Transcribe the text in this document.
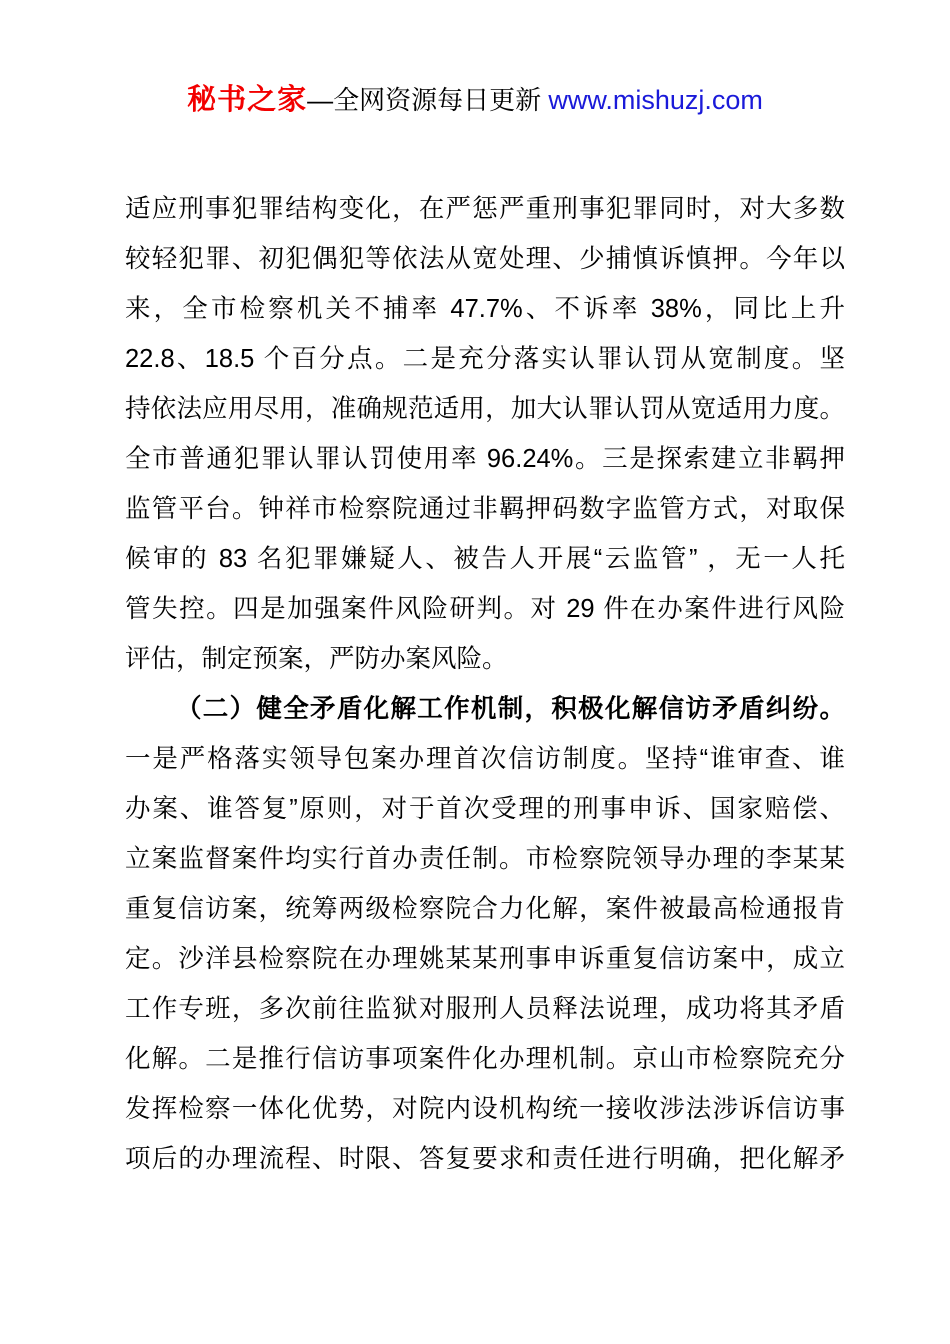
秘书之家—全网资源每日更新 www.mishuzj.com
适应刑事犯罪结构变化，在严惩严重刑事犯罪同时，对大多数
较轻犯罪、初犯偶犯等依法从宽处理、少捕慎诉慎押。今年以
来，全市检察机关不捕率 47.7%、不诉率 38%，同比上升
22.8、18.5 个百分点。二是充分落实认罪认罚从宽制度。坚
持依法应用尽用，准确规范适用，加大认罪认罚从宽适用力度。
全市普通犯罪认罪认罚使用率 96.24%。三是探索建立非羁押
监管平台。钟祥市检察院通过非羁押码数字监管方式，对取保
候审的 83 名犯罪嫌疑人、被告人开展“云监管” ，无一人托
管失控。四是加强案件风险研判。对 29 件在办案件进行风险
评估，制定预案，严防办案风险。
（二）健全矛盾化解工作机制，积极化解信访矛盾纠纷。
一是严格落实领导包案办理首次信访制度。坚持“谁审查、谁
办案、谁答复”原则，对于首次受理的刑事申诉、国家赔偿、
立案监督案件均实行首办责任制。市检察院领导办理的李某某
重复信访案，统筹两级检察院合力化解，案件被最高检通报肯
定。沙洋县检察院在办理姚某某刑事申诉重复信访案中，成立
工作专班，多次前往监狱对服刑人员释法说理，成功将其矛盾
化解。二是推行信访事项案件化办理机制。京山市检察院充分
发挥检察一体化优势，对院内设机构统一接收涉法涉诉信访事
项后的办理流程、时限、答复要求和责任进行明确，把化解矛
